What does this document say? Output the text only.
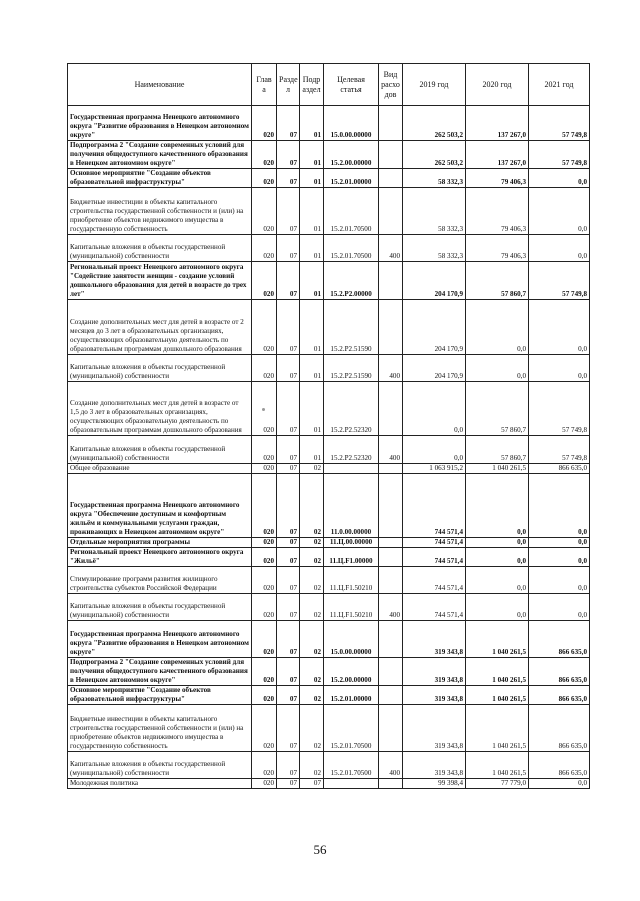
Наименование	Глав а	Разде л	Подр аздел	Целевая статья	Вид расхо дов	2019 год	2020 год	2021 год
Государственная программа Ненецкого автономного округа "Развитие образования в Ненецком автономном округе"	020	07	01	15.0.00.00000		262 503,2	137 267,0	57 749,8
Подпрограмма 2 "Создание современных условий для получения общедоступного качественного образования в Ненецком автономном округе"	020	07	01	15.2.00.00000		262 503,2	137 267,0	57 749,8
Основное мероприятие "Создание объектов образовательной инфраструктуры"	020	07	01	15.2.01.00000		58 332,3	79 406,3	0,0
Бюджетные инвестиции в объекты капитального строительства государственной собственности и (или) на приобретение объектов недвижимого имущества в государственную собственность	020	07	01	15.2.01.70500		58 332,3	79 406,3	0,0
Капитальные вложения в объекты государственной (муниципальной) собственности	020	07	01	15.2.01.70500	400	58 332,3	79 406,3	0,0
Региональный проект Ненецкого автономного округа "Содействие занятости женщин - создание условий дошкольного образования для детей в возрасте до трех лет"	020	07	01	15.2.P2.00000		204 170,9	57 860,7	57 749,8
Создание дополнительных мест для детей в возрасте от 2 месяцев до 3 лет в образовательных организациях, осуществляющих образовательную деятельность по образовательным программам дошкольного образования	020	07	01	15.2.P2.51590		204 170,9	0,0	0,0
Капитальные вложения в объекты государственной (муниципальной) собственности	020	07	01	15.2.P2.51590	400	204 170,9	0,0	0,0
Создание дополнительных мест для детей в возрасте от 1,5 до 3 лет в образовательных организациях, осуществляющих образовательную деятельность по образовательным программам дошкольного образования	020	07	01	15.2.P2.52320		0,0	57 860,7	57 749,8
Капитальные вложения в объекты государственной (муниципальной) собственности	020	07	01	15.2.P2.52320	400	0,0	57 860,7	57 749,8
Общее образование	020	07	02			1 063 915,2	1 040 261,5	866 635,0
Государственная программа Ненецкого автономного округа "Обеспечение доступным и комфортным жильём и коммунальными услугами граждан, проживающих в Ненецком автономном округе"	020	07	02	11.0.00.00000		744 571,4	0,0	0,0
Отдельные мероприятия программы	020	07	02	11.Ц.00.00000		744 571,4	0,0	0,0
Региональный проект Ненецкого автономного округа "Жильё"	020	07	02	11.Ц.F1.00000		744 571,4	0,0	0,0
Стимулирование программ развития жилищного строительства субъектов Российской Федерации	020	07	02	11.Ц.F1.50210		744 571,4	0,0	0,0
Капитальные вложения в объекты государственной (муниципальной) собственности	020	07	02	11.Ц.F1.50210	400	744 571,4	0,0	0,0
Государственная программа Ненецкого автономного округа "Развитие образования в Ненецком автономном округе"	020	07	02	15.0.00.00000		319 343,8	1 040 261,5	866 635,0
Подпрограмма 2 "Создание современных условий для получения общедоступного качественного образования в Ненецком автономном округе"	020	07	02	15.2.00.00000		319 343,8	1 040 261,5	866 635,0
Основное мероприятие "Создание объектов образовательной инфраструктуры"	020	07	02	15.2.01.00000		319 343,8	1 040 261,5	866 635,0
Бюджетные инвестиции в объекты капитального строительства государственной собственности и (или) на приобретение объектов недвижимого имущества в государственную собственность	020	07	02	15.2.01.70500		319 343,8	1 040 261,5	866 635,0
Капитальные вложения в объекты государственной (муниципальной) собственности	020	07	02	15.2.01.70500	400	319 343,8	1 040 261,5	866 635,0
Молодежная политика	020	07	07			99 398,4	77 779,0	0,0
56
